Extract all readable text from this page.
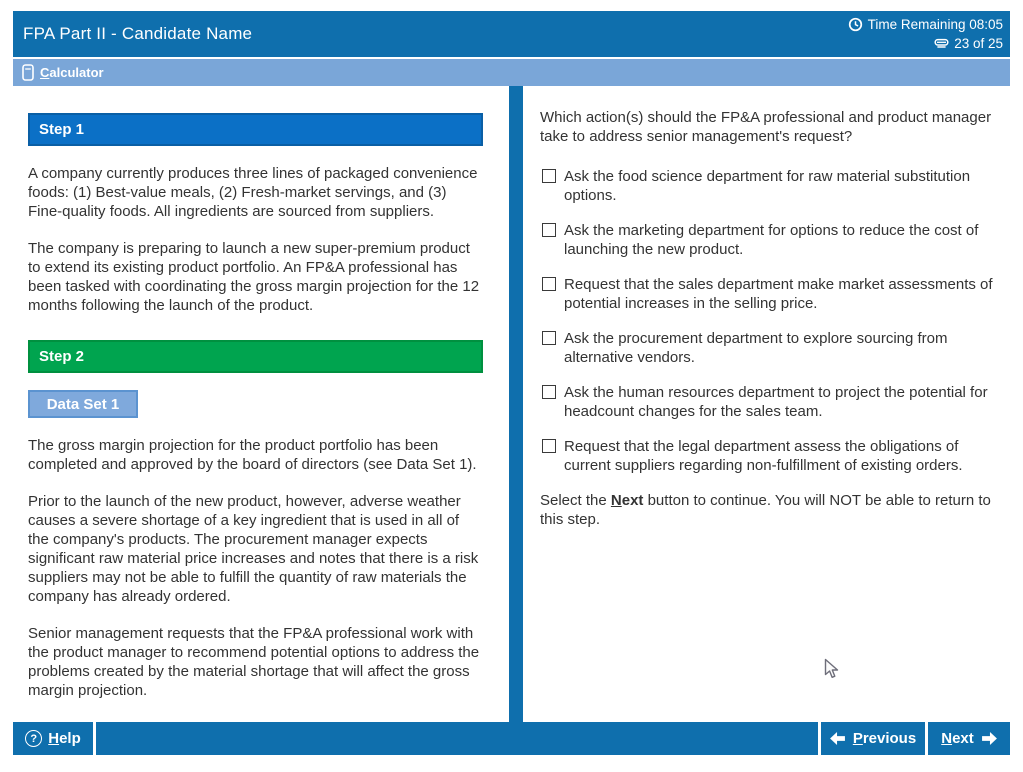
FPA Part II - Candidate Name	Time Remaining 08:05
23 of 25
Calculator
Step 1

A company currently produces three lines of packaged convenience foods: (1) Best-value meals, (2) Fresh-market servings, and (3) Fine-quality foods. All ingredients are sourced from suppliers.

The company is preparing to launch a new super-premium product to extend its existing product portfolio. An FP&A professional has been tasked with coordinating the gross margin projection for the 12 months following the launch of the product.

Step 2
Data Set 1

The gross margin projection for the product portfolio has been completed and approved by the board of directors (see Data Set 1).

Prior to the launch of the new product, however, adverse weather causes a severe shortage of a key ingredient that is used in all of the company's products. The procurement manager expects significant raw material price increases and notes that there is a risk suppliers may not be able to fulfill the quantity of raw materials the company has already ordered.

Senior management requests that the FP&A professional work with the product manager to recommend potential options to address the problems created by the material shortage that will affect the gross margin projection.

Which action(s) should the FP&A professional and product manager take to address senior management's request?
Ask the food science department for raw material substitution options.
Ask the marketing department for options to reduce the cost of launching the new product.
Request that the sales department make market assessments of potential increases in the selling price.
Ask the procurement department to explore sourcing from alternative vendors.
Ask the human resources department to project the potential for headcount changes for the sales team.
Request that the legal department assess the obligations of current suppliers regarding non-fulfillment of existing orders.
Select the Next button to continue. You will NOT be able to return to this step.
? Help	Previous Next
